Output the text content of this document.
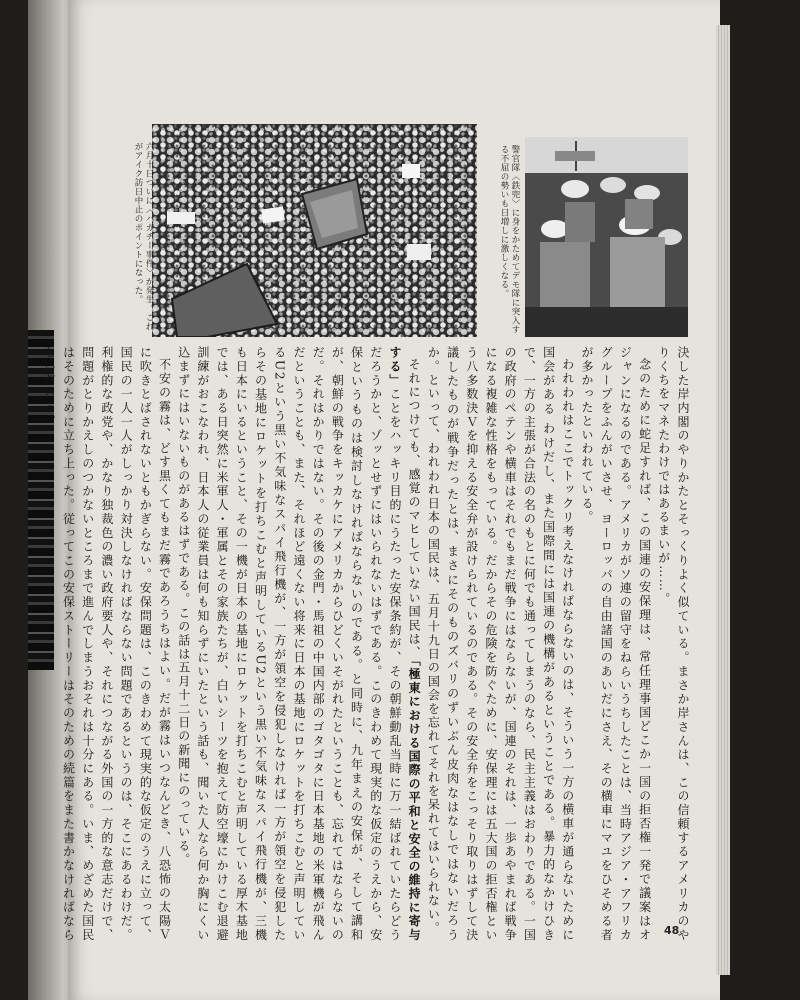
六月十日ついに〈ハガチー事件〉が発生。これがアイク訪日中止のポイントになった。	警官隊〈鉄兜〉に身をかためてデモ隊に突入する不屈の勢いも日増しに激しくなる。

決した岸内閣のやりかたとそっくりよく似ている。まさか岸さんは、この信頼するアメリカのやりくちをマネたわけではあるまいが……。

念のために蛇足すれば、この国連の安保理は、常任理事国どこか一国の拒否権一発で議案はオジャンになるのである。アメリカがソ連の留守をねらいうちしたことは、当時アジア・アフリカグループをふんがいさせ、ヨーロッパの自由諸国のあいだにさえ、その横車にマユをひそめる者が多かったといわれている。

われわれはここでトックリ考えなければならないのは、そういう一方の横車が通らないために国会がある わけだし、また国際間には国連の機構があるということである。暴力的なかけひきで、一方の主張が合法の名のもとに何でも通ってしまうのなら、民主主義はおわりである。一国の政府のペテンや横車はそれでもまだ戦争にはならないが、国連のそれは、一歩あやまれば戦争になる複雑な性格をもっている。だからその危険を防ぐために、安保理には五大国の拒否権という八多数決Ｖを抑える安全弁が設けられているのである。その安全弁をこっそり取りはずして決議したものが戦争だったとは、まさにそのものズバリのずいぶん皮肉なはなしではないだろうか。といって、われわれ日本の国民は、五月十九日の国会を忘れてそれを呆れてはいられない。

それにつけても、感覚のマヒしていない国民は、「極東における国際の平和と安全の維持に寄与する」ことをハッキリ目的にうたった安保条約が、その朝鮮動乱当時に万一結ばれていたらどうだろうかと、ゾッとせずにはいられないはずである。このきわめて現実的な仮定のうえから、安保というものは検討しなければならないのである。と同時に、九年まえの安保が、そして講和が、朝鮮の戦争をキッカケにアメリカからひどくいそがれたということも、忘れてはならないのだ。それはかりではない。その後の金門・馬祖の中国内部のゴタゴタに日本基地の米軍機が飛んだということも、また、それほど遠くない将来に日本の基地にロケットを打ちこむと声明しているU2という黒い不気味なスパイ飛行機が、一方が領空を侵犯しなければ一方が領空を侵犯したらその基地にロケットを打ちこむと声明しているU2という黒い不気味なスパイ飛行機が、三機も日本にいるということ、その一機が日本の基地にロケットを打ちこむと声明している厚木基地では、ある日突然に米軍人・軍属とその家族たちが、白いシーツを抱えて防空壕にかけこむ退避訓練がおこなわれ、日本人の従業員は何も知らずにいたという話も、聞いた人なら何か胸にくい込まずにはいないものがあるはずである。この話は五月十二日の新聞にのっている。

不安の霧は、どす黒くてもまだ霧であろうちはよい。だが霧はいつなんどき、八恐怖の太陽Ｖに吹きとばされないともかぎらない。安保問題は、このきわめて現実的な仮定のうえに立って、国民の一人一人がしっかり対決しなければならない問題であるというのは、そこにあるわけだ。利権的な政党や、かなり独裁色の濃い政府要人や、それにつながる外国の一方的な意志だけで、問題がとりかえしのつかないところまで進んでしまうおそれは十分にある。いま、めざめた国民はそのために立ち上った。従ってこの安保ストーリーはそのための続篇をまた書かなければならないだろう。

48
